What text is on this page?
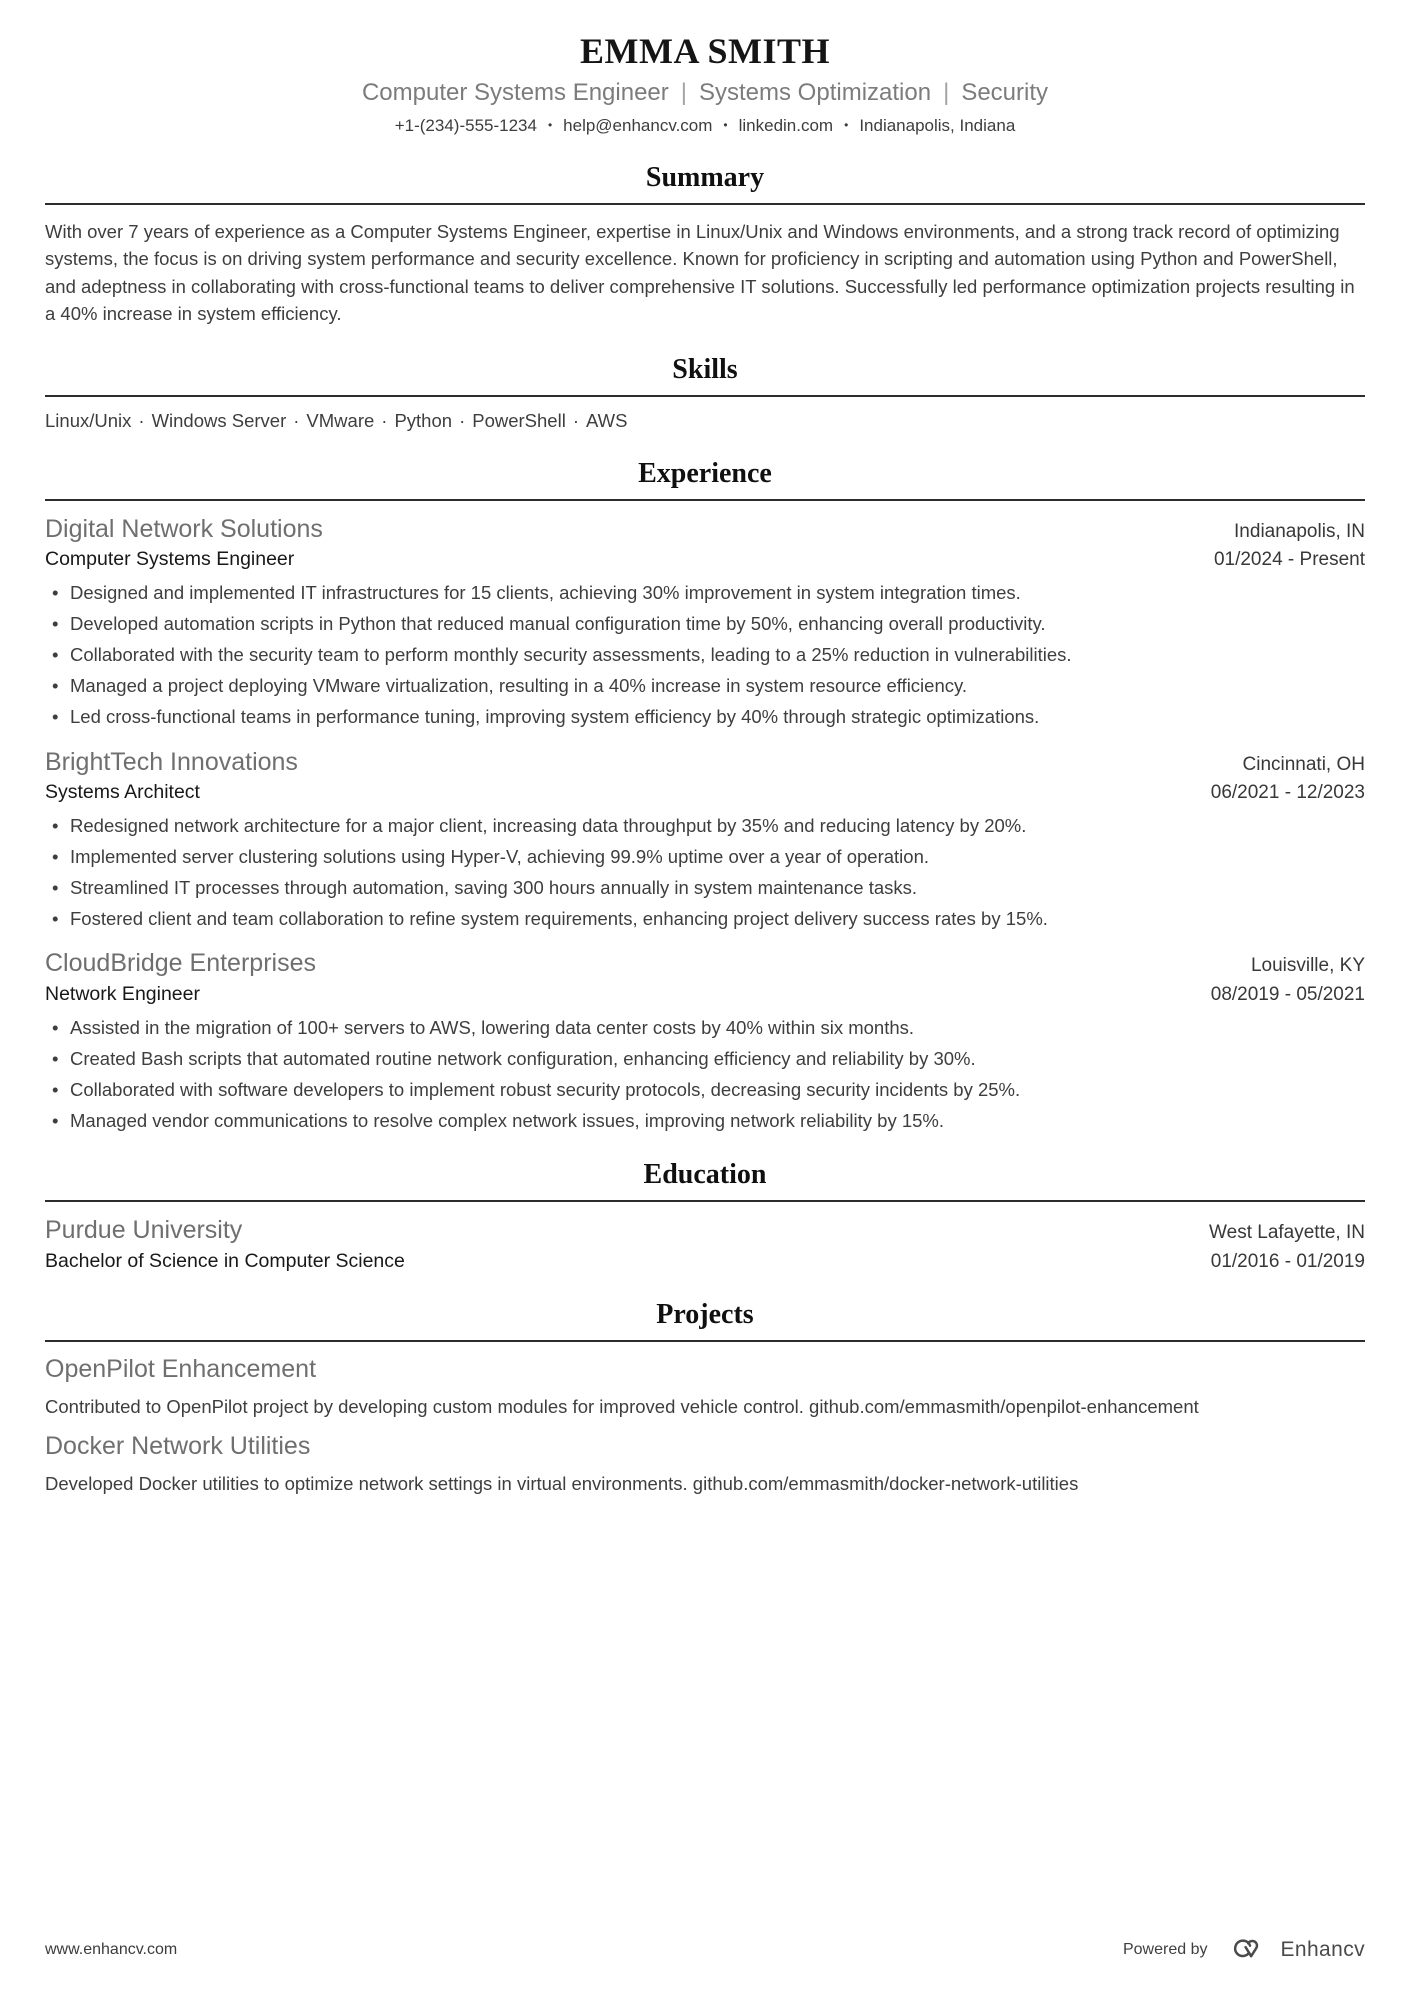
EMMA SMITH
Computer Systems Engineer | Systems Optimization | Security
+1-(234)-555-1234 • help@enhancv.com • linkedin.com • Indianapolis, Indiana
Summary

With over 7 years of experience as a Computer Systems Engineer, expertise in Linux/Unix and Windows environments, and a strong track record of optimizing systems, the focus is on driving system performance and security excellence. Known for proficiency in scripting and automation using Python and PowerShell, and adeptness in collaborating with cross-functional teams to deliver comprehensive IT solutions. Successfully led performance optimization projects resulting in a 40% increase in system efficiency.

Skills
Linux/Unix · Windows Server · VMware · Python · PowerShell · AWS
Experience
Digital Network Solutions	Indianapolis, IN
Computer Systems Engineer	01/2024 - Present
• Designed and implemented IT infrastructures for 15 clients, achieving 30% improvement in system integration times.
• Developed automation scripts in Python that reduced manual configuration time by 50%, enhancing overall productivity.
• Collaborated with the security team to perform monthly security assessments, leading to a 25% reduction in vulnerabilities.
• Managed a project deploying VMware virtualization, resulting in a 40% increase in system resource efficiency.
• Led cross-functional teams in performance tuning, improving system efficiency by 40% through strategic optimizations.
BrightTech Innovations	Cincinnati, OH
Systems Architect	06/2021 - 12/2023
• Redesigned network architecture for a major client, increasing data throughput by 35% and reducing latency by 20%.
• Implemented server clustering solutions using Hyper-V, achieving 99.9% uptime over a year of operation.
• Streamlined IT processes through automation, saving 300 hours annually in system maintenance tasks.
• Fostered client and team collaboration to refine system requirements, enhancing project delivery success rates by 15%.
CloudBridge Enterprises	Louisville, KY
Network Engineer	08/2019 - 05/2021
• Assisted in the migration of 100+ servers to AWS, lowering data center costs by 40% within six months.
• Created Bash scripts that automated routine network configuration, enhancing efficiency and reliability by 30%.
• Collaborated with software developers to implement robust security protocols, decreasing security incidents by 25%.
• Managed vendor communications to resolve complex network issues, improving network reliability by 15%.
Education
Purdue University	West Lafayette, IN
Bachelor of Science in Computer Science	01/2016 - 01/2019
Projects
OpenPilot Enhancement

Contributed to OpenPilot project by developing custom modules for improved vehicle control. github.com/emmasmith/openpilot-enhancement

Docker Network Utilities

Developed Docker utilities to optimize network settings in virtual environments. github.com/emmasmith/docker-network-utilities

www.enhancv.com	Powered by	Enhancv
